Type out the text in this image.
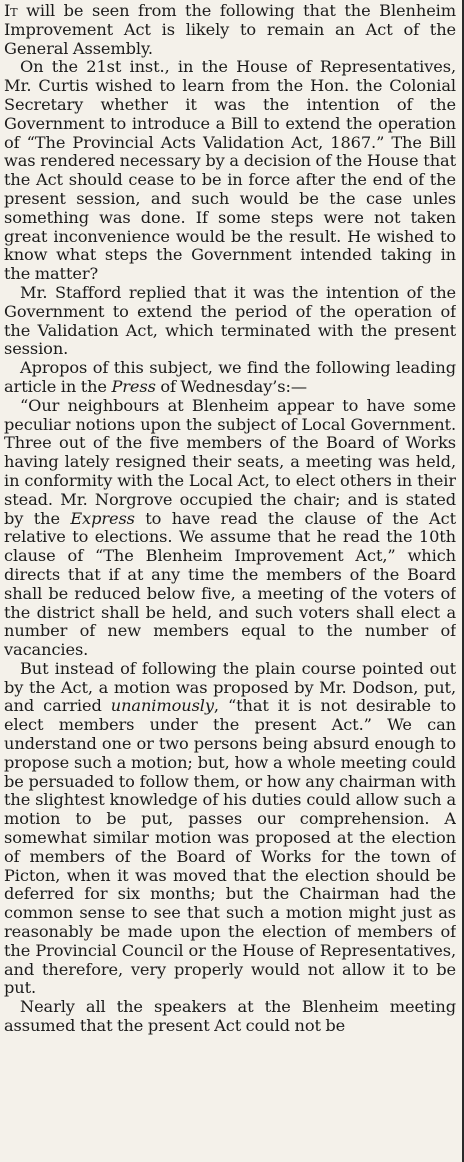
It will be seen from the following that the Blenheim Improvement Act is likely to remain an Act of the General Assembly.

On the 21st inst., in the House of Representatives, Mr. Curtis wished to learn from the Hon. the Colonial Secretary whether it was the intention of the Government to introduce a Bill to extend the operation of “The Provincial Acts Validation Act, 1867.” The Bill was rendered necessary by a decision of the House that the Act should cease to be in force after the end of the present session, and such would be the case unles something was done. If some steps were not taken great inconvenience would be the result. He wished to know what steps the Government intended taking in the matter?

Mr. Stafford replied that it was the intention of the Government to extend the period of the operation of the Validation Act, which terminated with the present session.

Apropos of this subject, we find the following leading article in the Press of Wednesday’s:—

“Our neighbours at Blenheim appear to have some peculiar notions upon the subject of Local Government. Three out of the five members of the Board of Works having lately resigned their seats, a meeting was held, in conformity with the Local Act, to elect others in their stead. Mr. Norgrove occupied the chair; and is stated by the Express to have read the clause of the Act relative to elections. We assume that he read the 10th clause of “The Blenheim Improvement Act,” which directs that if at any time the members of the Board shall be reduced below five, a meeting of the voters of the district shall be held, and such voters shall elect a number of new members equal to the number of vacancies.

But instead of following the plain course pointed out by the Act, a motion was proposed by Mr. Dodson, put, and carried unanimously, “that it is not desirable to elect members under the present Act.” We can understand one or two persons being absurd enough to propose such a motion; but, how a whole meeting could be persuaded to follow them, or how any chairman with the slightest knowledge of his duties could allow such a motion to be put, passes our comprehension. A somewhat similar motion was proposed at the election of members of the Board of Works for the town of Picton, when it was moved that the election should be deferred for six months; but the Chairman had the common sense to see that such a motion might just as reasonably be made upon the election of members of the Provincial Council or the House of Representatives, and therefore, very properly would not allow it to be put.

Nearly all the speakers at the Blenheim meeting assumed that the present Act could not be
